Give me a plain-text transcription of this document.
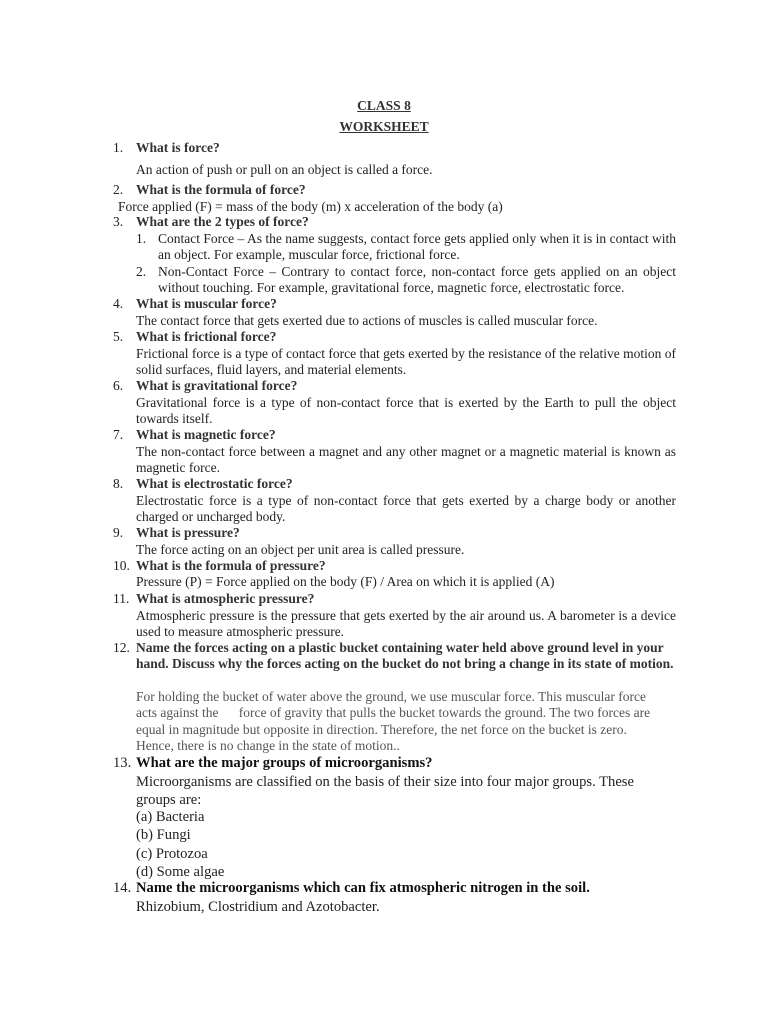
CLASS 8
WORKSHEET
1. What is force?
An action of push or pull on an object is called a force.
2. What is the formula of force?
Force applied (F) = mass of the body (m) x acceleration of the body (a)
3. What are the 2 types of force?
1. Contact Force – As the name suggests, contact force gets applied only when it is in contact with an object. For example, muscular force, frictional force.
2. Non-Contact Force – Contrary to contact force, non-contact force gets applied on an object without touching. For example, gravitational force, magnetic force, electrostatic force.
4. What is muscular force?
The contact force that gets exerted due to actions of muscles is called muscular force.
5. What is frictional force?
Frictional force is a type of contact force that gets exerted by the resistance of the relative motion of solid surfaces, fluid layers, and material elements.
6. What is gravitational force?
Gravitational force is a type of non-contact force that is exerted by the Earth to pull the object towards itself.
7. What is magnetic force?
The non-contact force between a magnet and any other magnet or a magnetic material is known as magnetic force.
8. What is electrostatic force?
Electrostatic force is a type of non-contact force that gets exerted by a charge body or another charged or uncharged body.
9. What is pressure?
The force acting on an object per unit area is called pressure.
10. What is the formula of pressure?
Pressure (P) = Force applied on the body (F) / Area on which it is applied (A)
11. What is atmospheric pressure?
Atmospheric pressure is the pressure that gets exerted by the air around us. A barometer is a device used to measure atmospheric pressure.
12. Name the forces acting on a plastic bucket containing water held above ground level in your hand. Discuss why the forces acting on the bucket do not bring a change in its state of motion.
For holding the bucket of water above the ground, we use muscular force. This muscular force acts against the      force of gravity that pulls the bucket towards the ground. The two forces are equal in magnitude but opposite in direction. Therefore, the net force on the bucket is zero. Hence, there is no change in the state of motion..
13. What are the major groups of microorganisms?
Microorganisms are classified on the basis of their size into four major groups. These groups are:
(a) Bacteria
(b) Fungi
(c) Protozoa
(d) Some algae
14. Name the microorganisms which can fix atmospheric nitrogen in the soil.
Rhizobium, Clostridium and Azotobacter.
